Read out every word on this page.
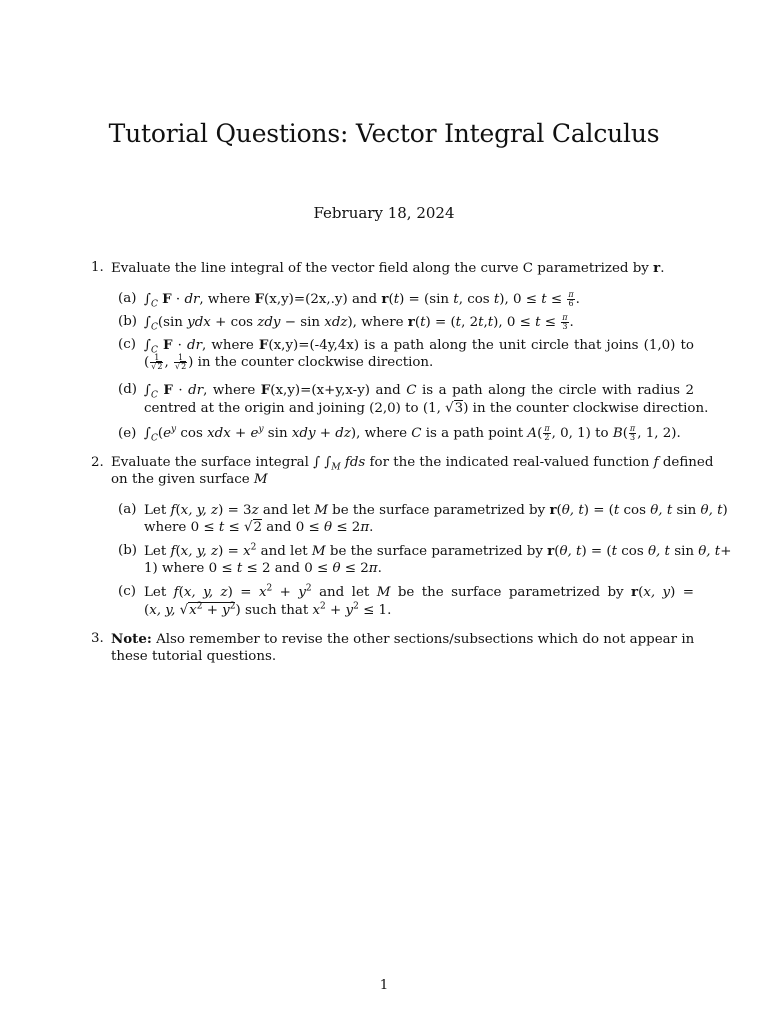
Tutorial Questions: Vector Integral Calculus
February 18, 2024
1. Evaluate the line integral of the vector field along the curve C parametrized by r.
(a) $\int_C$ F · dr, where F(x,y)=(2x,.y) and r(t) = (sin t, cos t), $0 \le t \le \frac{\pi}{6}$ .
(b) $\int_C(\sin$ ydx + cos zdy − sin xdz), where r(t) = (t, 2t,t), $0 \le t \le \frac{\pi}{3}$ .
(c) $\int_C$ F · dr, where F(x,y)=(-4y,4x) is a path along the unit circle that joins (1,0) to
( $\frac{1}{√2}$ , $\frac{1}{√2}$ ) in the counter clockwise direction.
(d) $\int_C$ F · dr, where F(x,y)=(x+y,x-y) and C is a path along the circle with radius 2
centred at the origin and joining (2,0) to (1, √3) in the counter clockwise direction.
(e) $\int_C(e^y$ cos xdx + $e^y$ sin xdy + dz), where C is a path point $A( \frac{\pi}{2}$ , 0, 1) to $B( \frac{\pi}{3}$ , 1, 2).
2. Evaluate the surface integral ∫ $\int_M$ fds for the the indicated real-valued function f defined
on the given surface M
(a) Let f(x, y, z) = 3z and let M be the surface parametrized by r(θ, t) = (t cos θ, t sin θ, t)
where 0 ≤ t ≤ √2 and 0 ≤ θ ≤ 2π.
(b) Let f(x, y, $z) = x^2$ and let M be the surface parametrized by r(θ, t) = (t cos θ, t sin θ, t+
1) where 0 ≤ t ≤ 2 and 0 ≤ θ ≤ 2π.
(c) Let f(x, y, $z) = x^2 + y^2$ and let M be the surface parametrized by r(x, y) =
(x, y, $√x^2 + y^2$) such that $x^2 + y^2 \le 1$.
3. Note: Also remember to revise the other sections/subsections which do not appear in
these tutorial questions.
1
